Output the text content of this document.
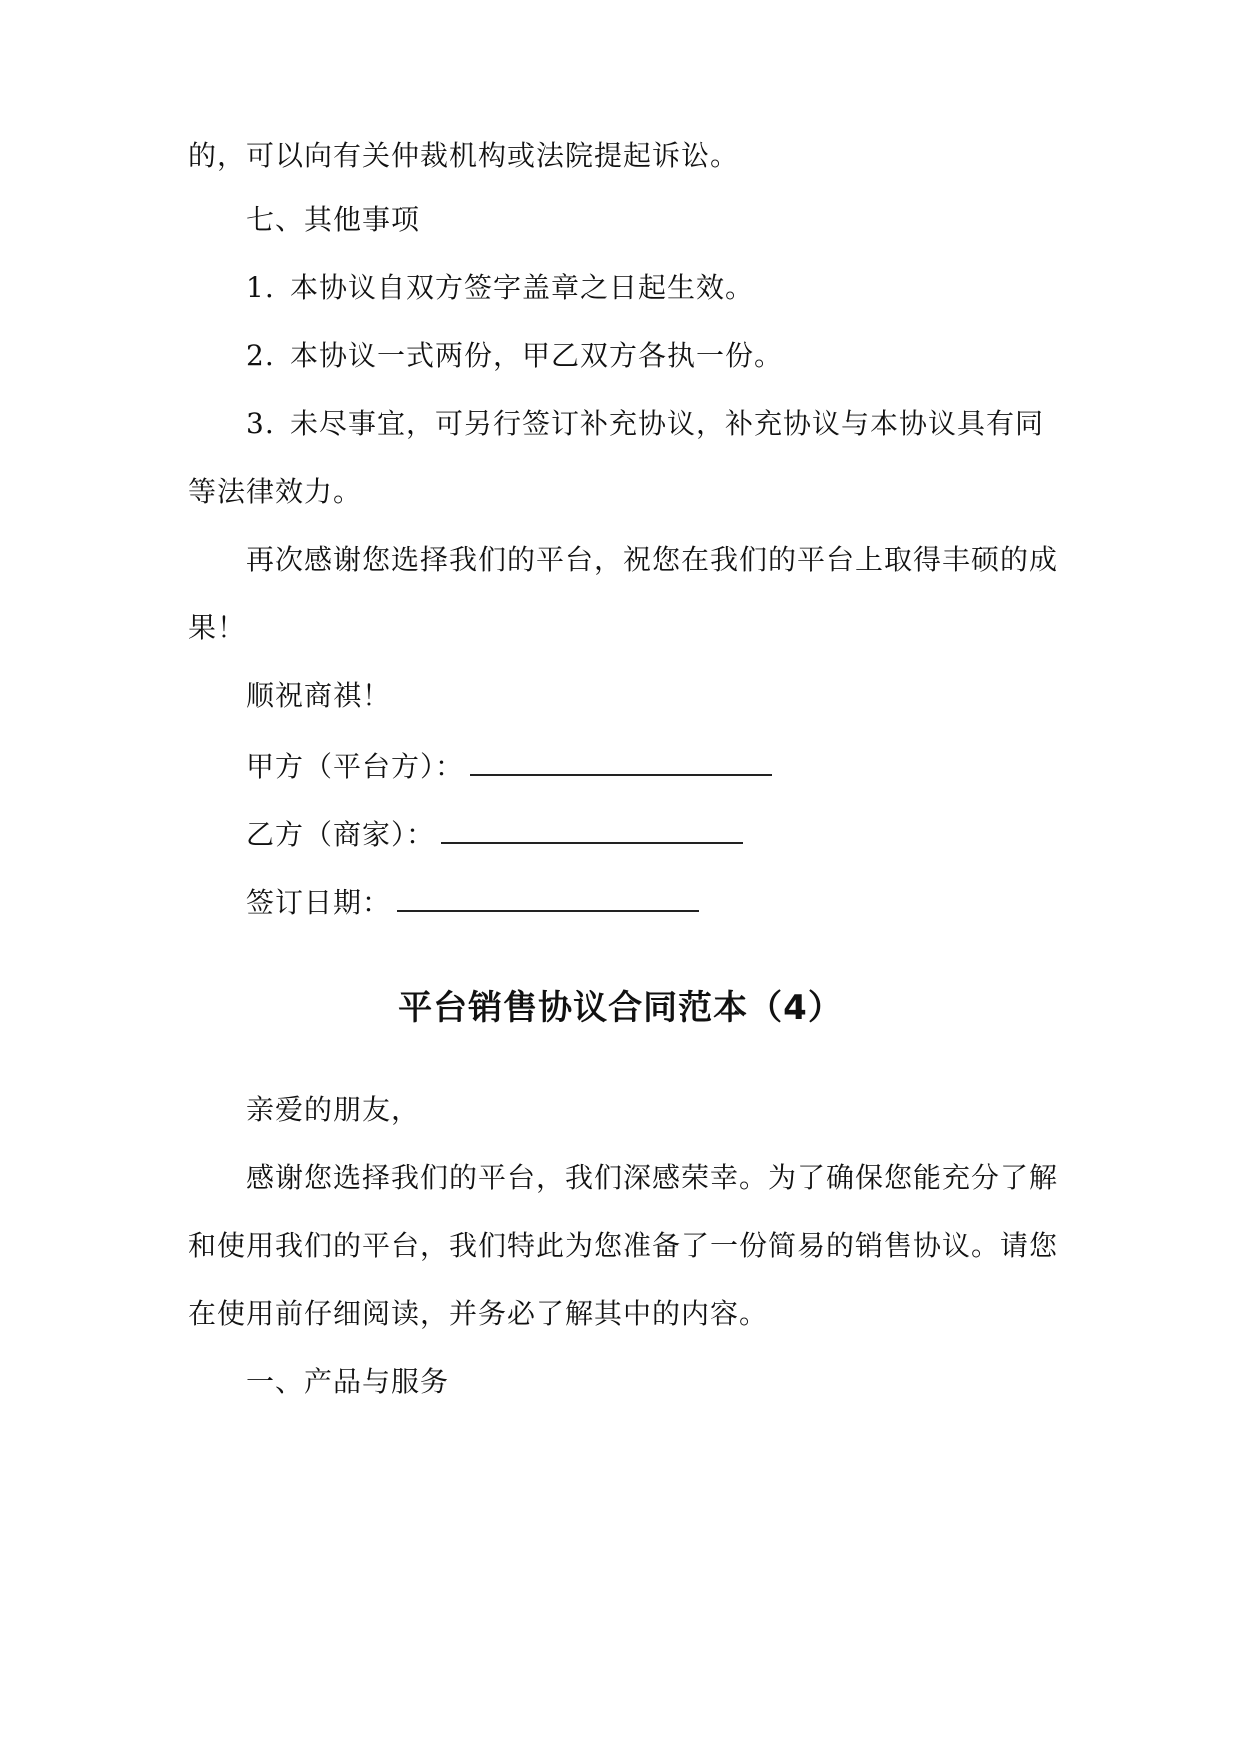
的，可以向有关仲裁机构或法院提起诉讼。
七、其他事项
1. 本协议自双方签字盖章之日起生效。
2. 本协议一式两份，甲乙双方各执一份。
3. 未尽事宜，可另行签订补充协议，补充协议与本协议具有同
等法律效力。
再次感谢您选择我们的平台，祝您在我们的平台上取得丰硕的成
果！
顺祝商祺！
甲方（平台方）：
乙方（商家）：
签订日期：
平台销售协议合同范本（4）
亲爱的朋友，
感谢您选择我们的平台，我们深感荣幸。为了确保您能充分了解
和使用我们的平台，我们特此为您准备了一份简易的销售协议。请您
在使用前仔细阅读，并务必了解其中的内容。
一、产品与服务
